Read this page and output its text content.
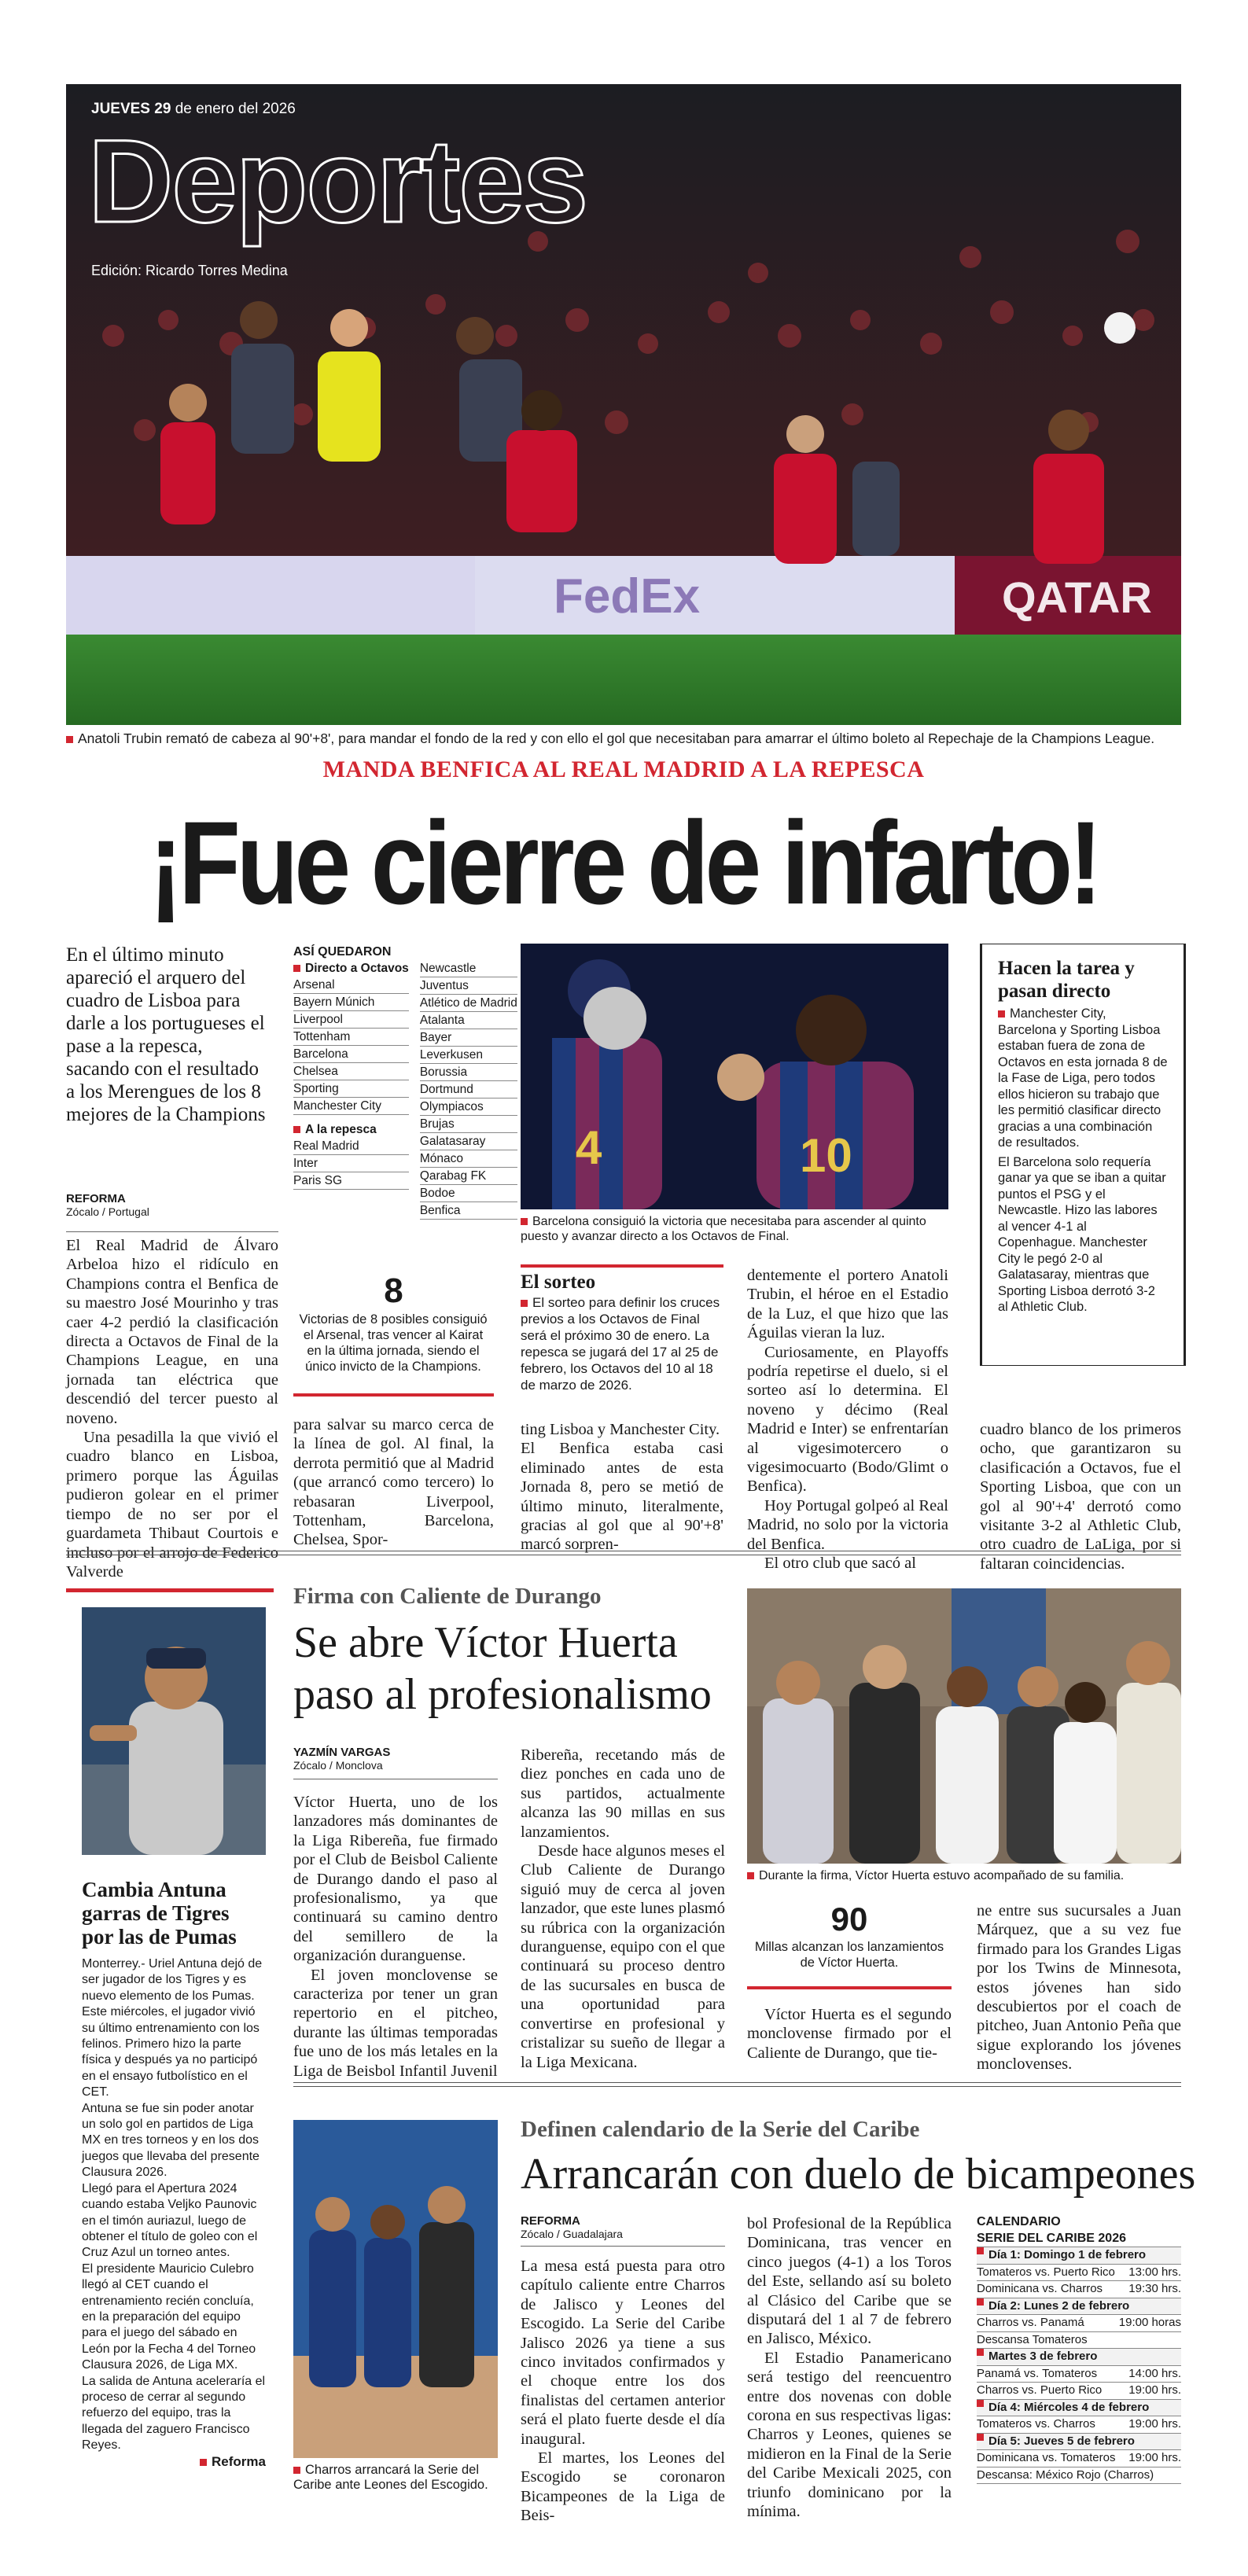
QATAR
FedEx
JUEVES 29 de enero del 2026
Deportes
Edición: Ricardo Torres Medina
Anatoli Trubin remató de cabeza al 90'+8', para mandar el fondo de la red y con ello el gol que necesitaban para amarrar el último boleto al Repechaje de la Champions League.
MANDA BENFICA AL REAL MADRID A LA REPESCA
¡Fue cierre de infarto!
En el último minuto apareció el arquero del cuadro de Lisboa para darle a los portugueses el pase a la repesca, sacando con el resultado a los Merengues de los 8 mejores de la Champions
REFORMA
Zócalo / Portugal

El Real Madrid de Álvaro Arbeloa hizo el ridículo en Champions contra el Benfica de su maestro José Mourinho y tras caer 4-2 perdió la clasificación directa a Octavos de Final de la Champions League, en una jornada tan eléctrica que descendió del tercer puesto al noveno.

Una pesadilla la que vivió el cuadro blanco en Lisboa, primero porque las Águilas pudieron golear en el primer tiempo de no ser por el guardameta Thibaut Courtois e incluso por el arrojo de Federico Valverde

ASÍ QUEDARON
Directo a Octavos
Arsenal
Bayern Múnich
Liverpool
Tottenham
Barcelona
Chelsea
Sporting
Manchester City
A la repesca
Real Madrid
Inter
Paris SG
Newcastle
Juventus
Atlético de Madrid
Atalanta
Bayer
Leverkusen
Borussia
Dortmund
Olympiacos
Brujas
Galatasaray
Mónaco
Qarabag FK
Bodoe
Benfica
8
Victorias de 8 posibles consiguió el Arsenal, tras vencer al Kairat en la última jornada, siendo el único invicto de la Champions.

para salvar su marco cerca de la línea de gol. Al final, la derrota permitió que al Madrid (que arrancó como tercero) lo rebasaran Liverpool, Tottenham, Barcelona, Chelsea, Spor-

10
4
Barcelona consiguió la victoria que necesitaba para ascender al quinto puesto y avanzar directo a los Octavos de Final.
El sorteo
El sorteo para definir los cruces previos a los Octavos de Final será el próximo 30 de enero. La repesca se jugará del 17 al 25 de febrero, los Octavos del 10 al 18 de marzo de 2026.

ting Lisboa y Manchester City.
El Benfica estaba casi eliminado antes de esta Jornada 8, pero se metió de último minuto, literalmente, gracias al gol que al 90'+8' marcó sorpren-

dentemente el portero Anatoli Trubin, el héroe en el Estadio de la Luz, el que hizo que las Águilas vieran la luz.

Curiosamente, en Playoffs podría repetirse el duelo, si el sorteo así lo determina. El noveno y décimo (Real Madrid e Inter) se enfrentarían al vigesimotercero o vigesimocuarto (Bodo/Glimt o Benfica).

Hoy Portugal golpeó al Real Madrid, no solo por la victoria del Benfica.

El otro club que sacó al

Hacen la tarea y pasan directo
Manchester City, Barcelona y Sporting Lisboa estaban fuera de zona de Octavos en esta jornada 8 de la Fase de Liga, pero todos ellos hicieron su trabajo que les permitió clasificar directo gracias a una combinación de resultados.
El Barcelona solo requería ganar ya que se iban a quitar puntos el PSG y el Newcastle. Hizo las labores al vencer 4-1 al Copenhague. Manchester City le pegó 2-0 al Galatasaray, mientras que Sporting Lisboa derrotó 3-2 al Athletic Club.

cuadro blanco de los primeros ocho, que garantizaron su clasificación a Octavos, fue el Sporting Lisboa, que con un gol al 90'+4' derrotó como visitante 3-2 al Athletic Club, otro cuadro de LaLiga, por si faltaran coincidencias.

Cambia Antuna garras de Tigres por las de Pumas
Monterrey.- Uriel Antuna dejó de ser jugador de los Tigres y es nuevo elemento de los Pumas. Este miércoles, el jugador vivió su último entrenamiento con los felinos. Primero hizo la parte física y después ya no participó en el ensayo futbolístico en el CET.
Antuna se fue sin poder anotar un solo gol en partidos de Liga MX en tres torneos y en los dos juegos que llevaba del presente Clausura 2026.
Llegó para el Apertura 2024 cuando estaba Veljko Paunovic en el timón auriazul, luego de obtener el título de goleo con el Cruz Azul un torneo antes.
El presidente Mauricio Culebro llegó al CET cuando el entrenamiento recién concluía, en la preparación del equipo para el juego del sábado en León por la Fecha 4 del Torneo Clausura 2026, de Liga MX.
La salida de Antuna aceleraría el proceso de cerrar al segundo refuerzo del equipo, tras la llegada del zaguero Francisco Reyes.
Reforma
Firma con Caliente de Durango
Se abre Víctor Huerta paso al profesionalismo
YAZMÍN VARGAS
Zócalo / Monclova

Víctor Huerta, uno de los lanzadores más dominantes de la Liga Ribereña, fue firmado por el Club de Beisbol Caliente de Durango dando el paso al profesionalismo, ya que continuará su camino dentro del semillero de la organización duranguense.

El joven monclovense se caracteriza por tener un gran repertorio en el pitcheo, durante las últimas temporadas fue uno de los más letales en la Liga de Beisbol Infantil Juvenil

Ribereña, recetando más de diez ponches en cada uno de sus partidos, actualmente alcanza las 90 millas en sus lanzamientos.

Desde hace algunos meses el Club Caliente de Durango siguió muy de cerca al joven lanzador, que este lunes plasmó su rúbrica con la organización duranguense, equipo con el que continuará su proceso dentro de las sucursales en busca de una oportunidad para convertirse en profesional y cristalizar su sueño de llegar a la Liga Mexicana.

Durante la firma, Víctor Huerta estuvo acompañado de su familia.
90
Millas alcanzan los lanzamientos de Víctor Huerta.

Víctor Huerta es el segundo monclovense firmado por el Caliente de Durango, que tie-

ne entre sus sucursales a Juan Márquez, que a su vez fue firmado para los Grandes Ligas por los Twins de Minnesota, estos jóvenes han sido descubiertos por el coach de pitcheo, Juan Antonio Peña que sigue explorando los jóvenes monclovenses.

Charros arrancará la Serie del Caribe ante Leones del Escogido.
Definen calendario de la Serie del Caribe
Arrancarán con duelo de bicampeones
REFORMA
Zócalo / Guadalajara

La mesa está puesta para otro capítulo caliente entre Charros de Jalisco y Leones del Escogido. La Serie del Caribe Jalisco 2026 ya tiene a sus cinco invitados confirmados y el choque entre los dos finalistas del certamen anterior será el plato fuerte desde el día inaugural.

El martes, los Leones del Escogido se coronaron Bicampeones de la Liga de Beis-

bol Profesional de la República Dominicana, tras vencer en cinco juegos (4-1) a los Toros del Este, sellando así su boleto al Clásico del Caribe que se disputará del 1 al 7 de febrero en Jalisco, México.

El Estadio Panamericano será testigo del reencuentro entre dos novenas con doble corona en sus respectivas ligas: Charros y Leones, quienes se midieron en la Final de la Serie del Caribe Mexicali 2025, con triunfo dominicano por la mínima.

CALENDARIO
SERIE DEL CARIBE 2026
Día 1: Domingo 1 de febrero
Tomateros vs. Puerto Rico 13:00 hrs.
Dominicana vs. Charros 19:30 hrs.
Día 2: Lunes 2 de febrero
Charros vs. Panamá	19:00 horas
Descansa Tomateros
Martes 3 de febrero
Panamá vs. Tomateros	14:00 hrs.
Charros vs. Puerto Rico 19:00 hrs.
Día 4: Miércoles 4 de febrero
Tomateros vs. Charros	19:00 hrs.
Día 5: Jueves 5 de febrero
Dominicana vs. Tomateros 19:00 hrs.
Descansa: México Rojo (Charros)
